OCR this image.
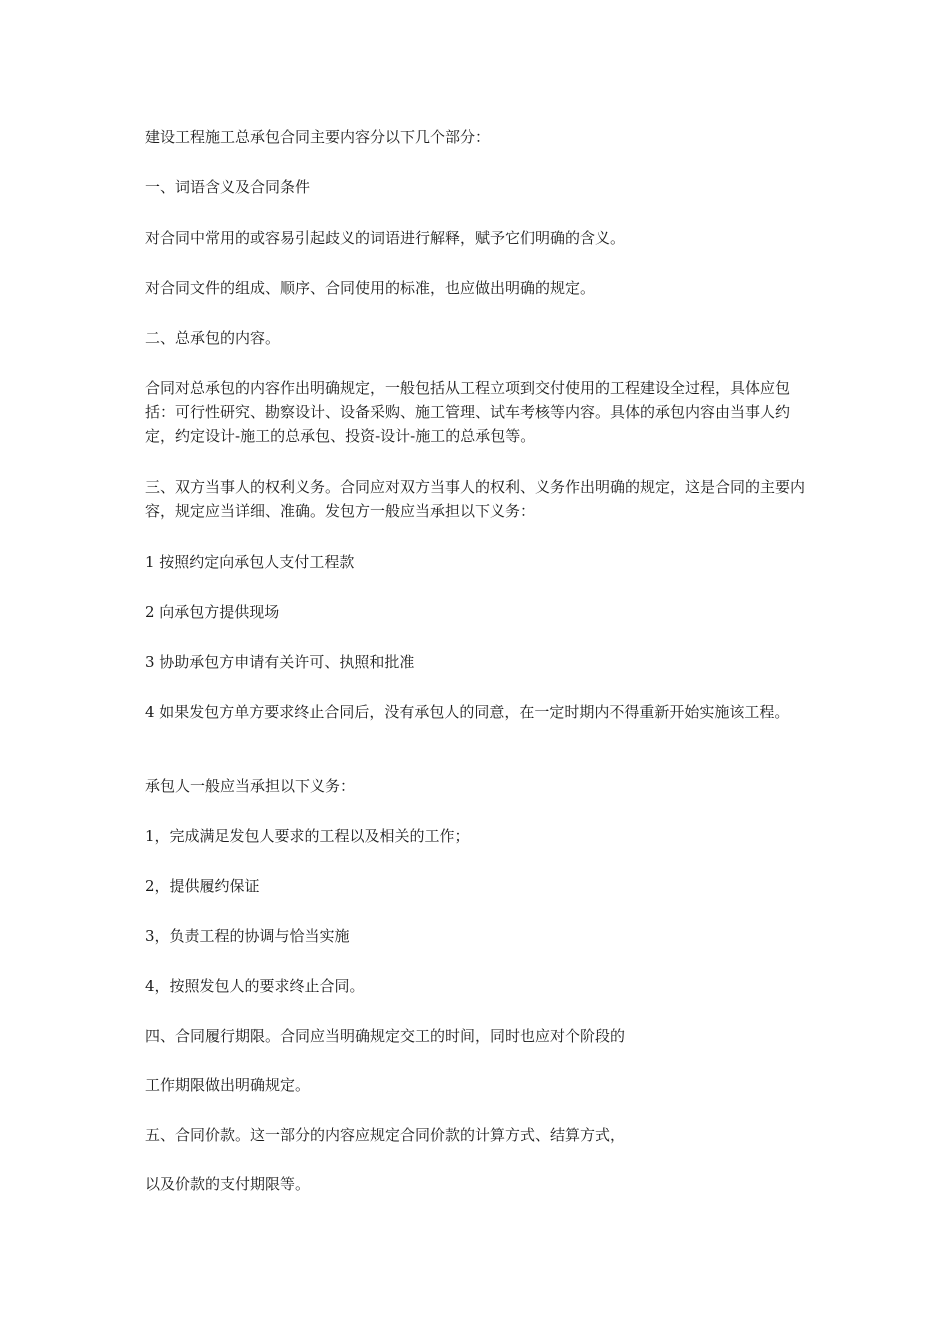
建设工程施工总承包合同主要内容分以下几个部分：

一、词语含义及合同条件

对合同中常用的或容易引起歧义的词语进行解释，赋予它们明确的含义。

对合同文件的组成、顺序、合同使用的标准，也应做出明确的规定。

二、总承包的内容。

合同对总承包的内容作出明确规定，一般包括从工程立项到交付使用的工程建设全过程，具体应包括：可行性研究、勘察设计、设备采购、施工管理、试车考核等内容。具体的承包内容由当事人约定，约定设计-施工的总承包、投资-设计-施工的总承包等。

三、双方当事人的权利义务。合同应对双方当事人的权利、义务作出明确的规定，这是合同的主要内容，规定应当详细、准确。发包方一般应当承担以下义务：

1 按照约定向承包人支付工程款

2 向承包方提供现场

3 协助承包方申请有关许可、执照和批准

4 如果发包方单方要求终止合同后，没有承包人的同意，在一定时期内不得重新开始实施该工程。

承包人一般应当承担以下义务：

1，完成满足发包人要求的工程以及相关的工作；

2，提供履约保证

3，负责工程的协调与恰当实施

4，按照发包人的要求终止合同。

四、合同履行期限。合同应当明确规定交工的时间，同时也应对个阶段的

工作期限做出明确规定。

五、合同价款。这一部分的内容应规定合同价款的计算方式、结算方式，

以及价款的支付期限等。
